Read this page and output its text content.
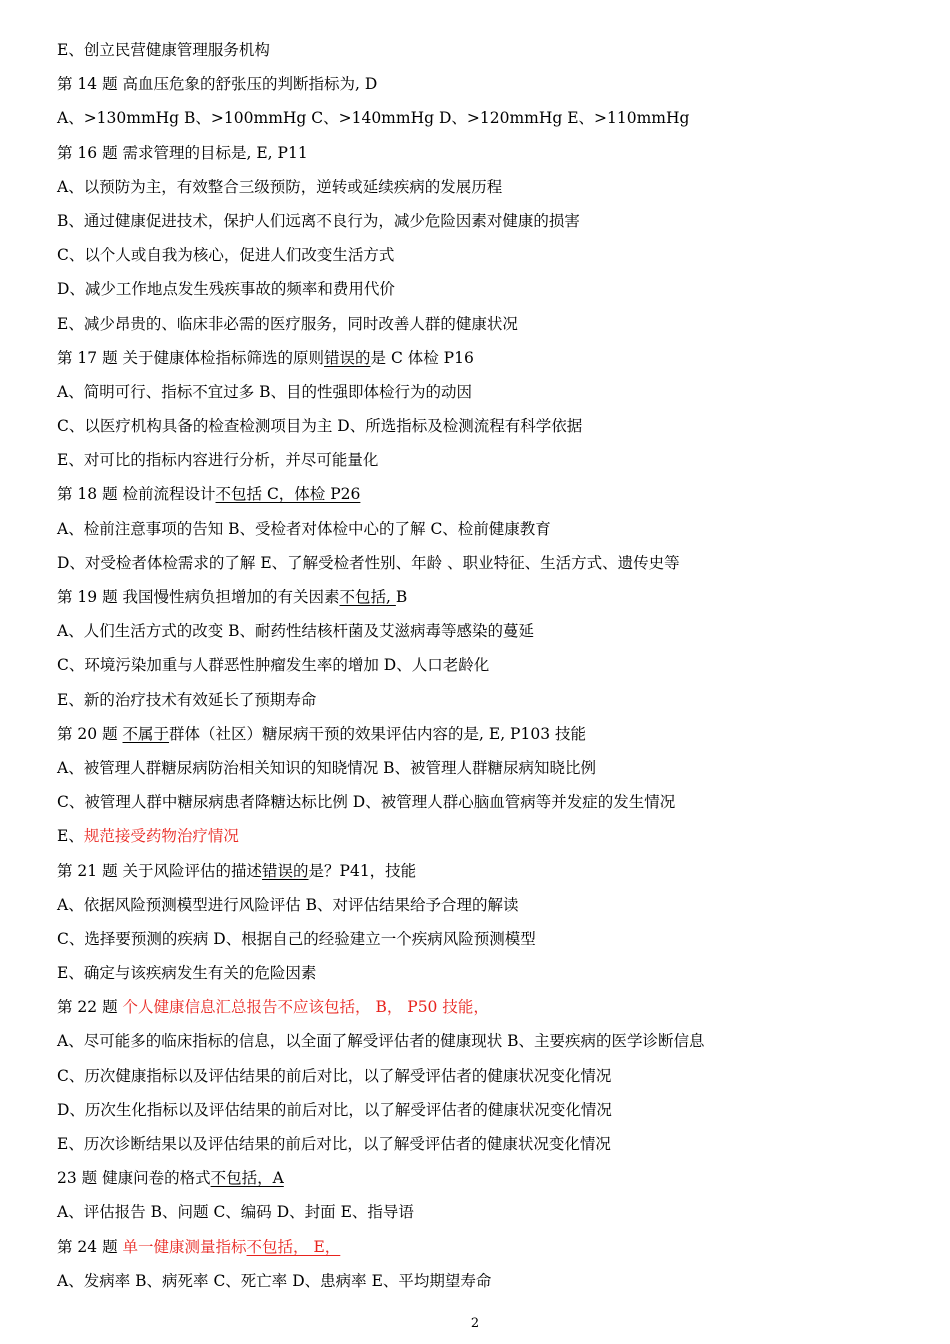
E、创立民营健康管理服务机构
第 14 题 高血压危象的舒张压的判断指标为, D
A、>130mmHg B、>100mmHg C、>140mmHg D、>120mmHg E、>110mmHg
第 16 题 需求管理的目标是, E, P11
A、以预防为主，有效整合三级预防，逆转或延续疾病的发展历程
B、通过健康促进技术，保护人们远离不良行为，减少危险因素对健康的损害
C、以个人或自我为核心，促进人们改变生活方式
D、减少工作地点发生残疾事故的频率和费用代价
E、减少昂贵的、临床非必需的医疗服务，同时改善人群的健康状况
第 17 题 关于健康体检指标筛选的原则错误的是 C 体检 P16
A、简明可行、指标不宜过多 B、目的性强即体检行为的动因
C、以医疗机构具备的检查检测项目为主 D、所选指标及检测流程有科学依据
E、对可比的指标内容进行分析，并尽可能量化
第 18 题 检前流程设计不包括 C，体检 P26
A、检前注意事项的告知 B、受检者对体检中心的了解 C、检前健康教育
D、对受检者体检需求的了解 E、了解受检者性别、年龄 、职业特征、生活方式、遗传史等
第 19 题 我国慢性病负担增加的有关因素不包括, B
A、人们生活方式的改变 B、耐药性结核杆菌及艾滋病毒等感染的蔓延
C、环境污染加重与人群恶性肿瘤发生率的增加 D、人口老龄化
E、新的治疗技术有效延长了预期寿命
第 20 题 不属于群体（社区）糖尿病干预的效果评估内容的是, E, P103 技能
A、被管理人群糖尿病防治相关知识的知晓情况 B、被管理人群糖尿病知晓比例
C、被管理人群中糖尿病患者降糖达标比例 D、被管理人群心脑血管病等并发症的发生情况
E、规范接受药物治疗情况
第 21 题 关于风险评估的描述错误的是？P41，技能
A、依据风险预测模型进行风险评估 B、对评估结果给予合理的解读
C、选择要预测的疾病 D、根据自己的经验建立一个疾病风险预测模型
E、确定与该疾病发生有关的危险因素
第 22 题 个人健康信息汇总报告不应该包括， B， P50 技能，
A、尽可能多的临床指标的信息，以全面了解受评估者的健康现状 B、主要疾病的医学诊断信息
C、历次健康指标以及评估结果的前后对比，以了解受评估者的健康状况变化情况
D、历次生化指标以及评估结果的前后对比，以了解受评估者的健康状况变化情况
E、历次诊断结果以及评估结果的前后对比，以了解受评估者的健康状况变化情况
23 题 健康问卷的格式不包括，A
A、评估报告 B、问题 C、编码 D、封面 E、指导语
第 24 题 单一健康测量指标不包括， E，
A、发病率 B、病死率 C、死亡率 D、患病率 E、平均期望寿命
2
